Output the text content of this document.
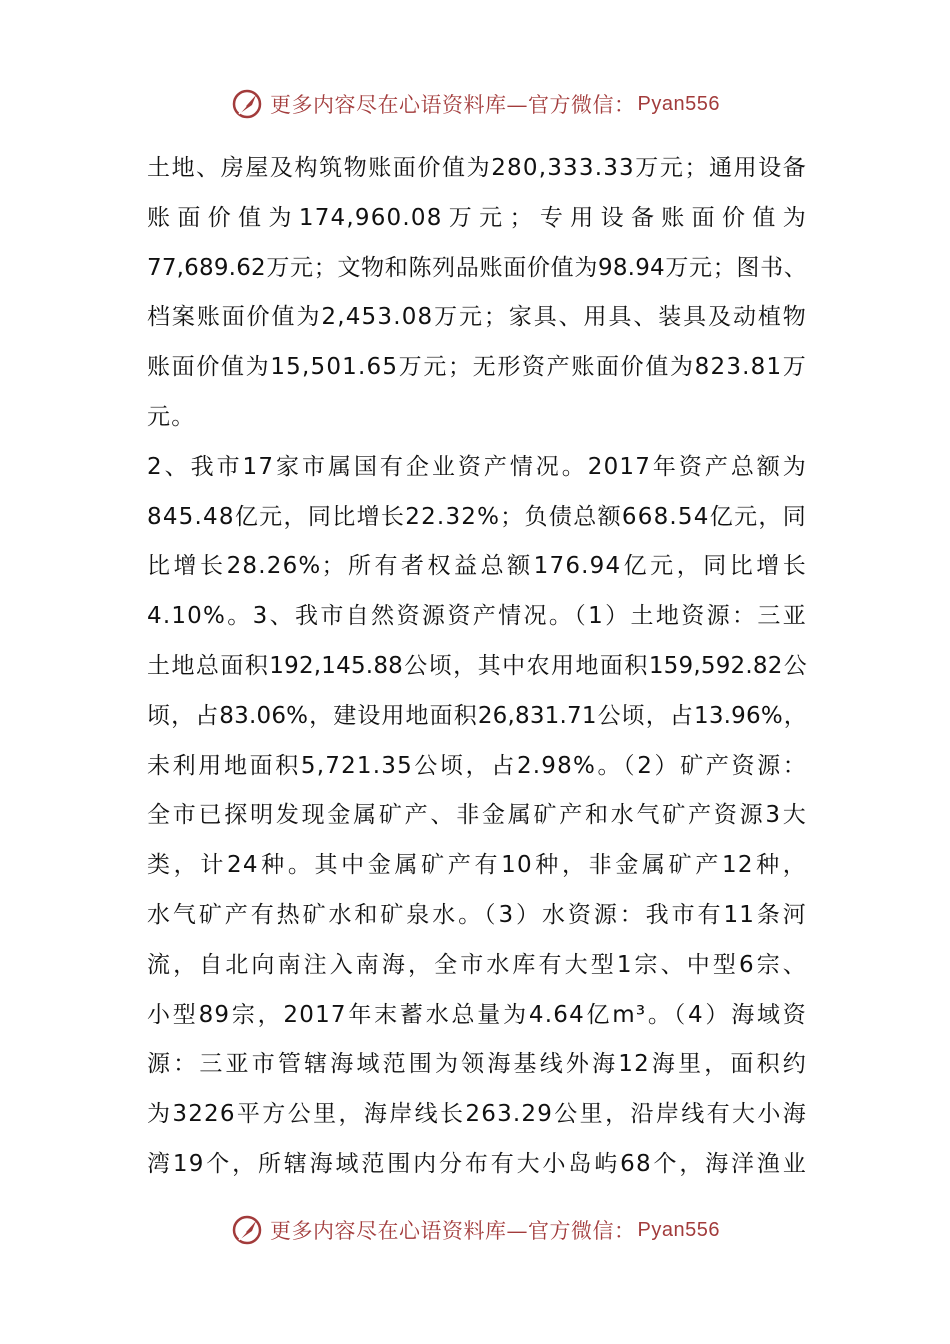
更多内容尽在心语资料库—官方微信： Pyan556
土地、房屋及构筑物账面价值为280,333.33万元；通用设备
账面价值为174,960.08万元；专用设备账面价值为
77,689.62万元；文物和陈列品账面价值为98.94万元；图书、
档案账面价值为2,453.08万元；家具、用具、装具及动植物
账面价值为15,501.65万元；无形资产账面价值为823.81万
元。
2、我市17家市属国有企业资产情况。2017年资产总额为
845.48亿元，同比增长22.32%；负债总额668.54亿元，同
比增长28.26%；所有者权益总额176.94亿元，同比增长
4.10%。3、我市自然资源资产情况。（1）土地资源：三亚
土地总面积192,145.88公顷，其中农用地面积159,592.82公
顷，占83.06%，建设用地面积26,831.71公顷，占13.96%，
未利用地面积5,721.35公顷，占2.98%。（2）矿产资源：
全市已探明发现金属矿产、非金属矿产和水气矿产资源3大
类，计24种。其中金属矿产有10种，非金属矿产12种，
水气矿产有热矿水和矿泉水。（3）水资源：我市有11条河
流，自北向南注入南海，全市水库有大型1宗、中型6宗、
小型89宗，2017年末蓄水总量为4.64亿m³。（4）海域资
源：三亚市管辖海域范围为领海基线外海12海里，面积约
为3226平方公里，海岸线长263.29公里，沿岸线有大小海
湾19个，所辖海域范围内分布有大小岛屿68个，海洋渔业
更多内容尽在心语资料库—官方微信： Pyan556
